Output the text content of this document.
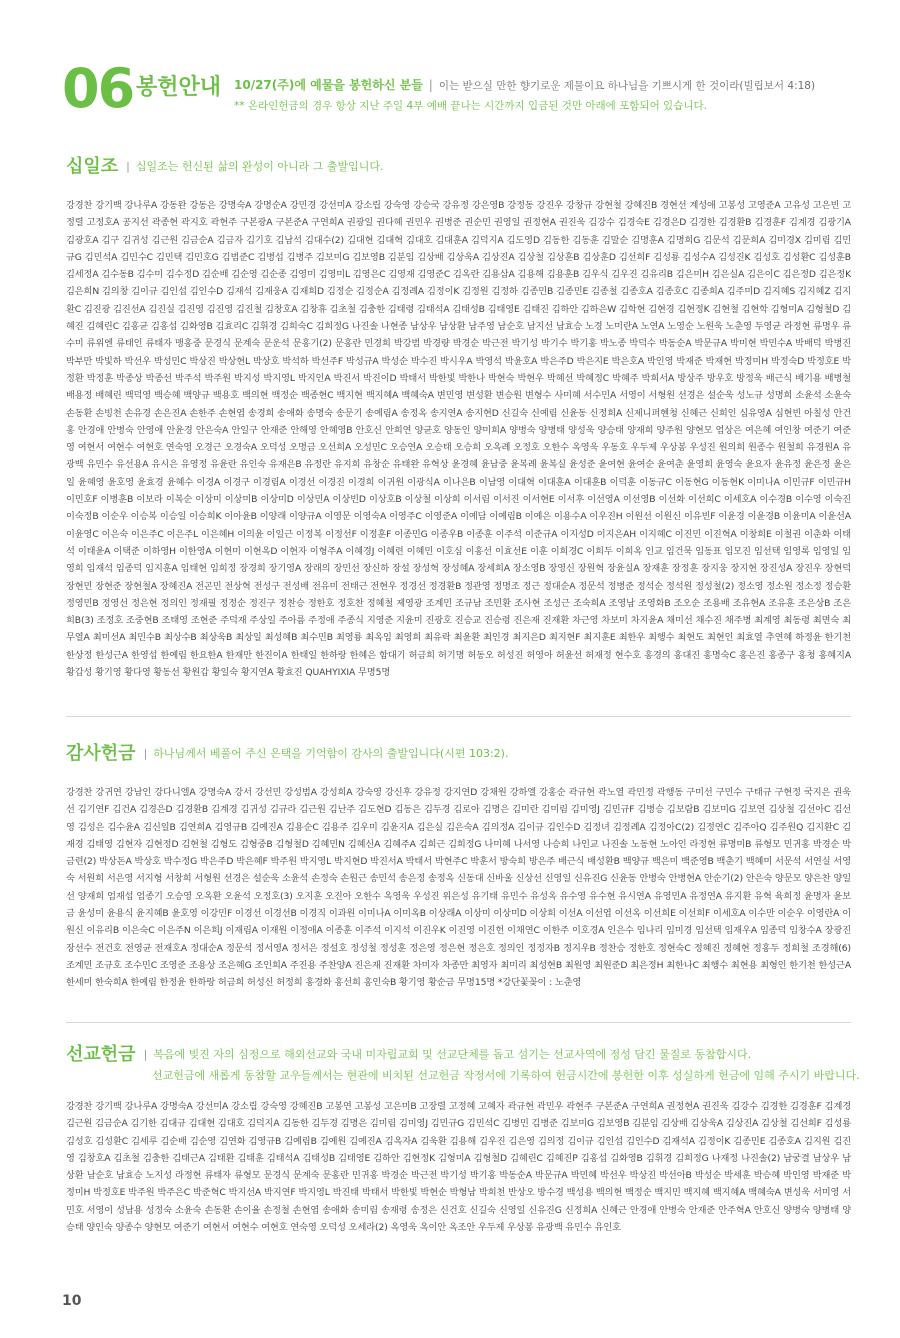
06 봉헌안내 10/27(주)에 예물을 봉헌하신 분들 | 이는 받으실 만한 향기로운 제물이요 하나님을 기쁘시게 한 것이라(빌립보서 4:18)
** 온라인헌금의 경우 항상 지난 주일 4부 예배 끝나는 시간까지 입금된 것만 아래에 포함되어 있습니다.
십일조 | 십일조는 헌신된 삶의 완성이 아니라 그 출발입니다.
강경찬 강기백 강나루A 강동완 강동은 강명숙A 강명순A 강민경 강선미A 강소립 강숙영 강승국 강유정 강은영B 강정동 강진우 강창규 강현철 강혜진B 경현선 계성애 고봉성 고영준A 고유성 고은빈 고정렬 고정호A 공지선 곽종현 곽지호 곽현주 구본광A 구본준A 구연희A 권광일 권다혜 권민우 권병준 권순민 권영일 권정현A 권진욱 김강수 김경숙E 김경은D 김경한 김경환B 김경훈F 김계경 김광기A 김광호A 김구 김귀성 김근원 김금순A 김금자 김기호 김남석 김대수(2) 김대현 김대혁 김대호 김대훈A 김덕지A 김도영D 김동한 김동훈 김말순 김명훈A 김명희G 김문석 김문희A 김미경X 김미림 김민규G 김민석A 김민수C 김민택 김민호G 김범준C 김병섭 김병주 김보미G 김보영B 김분임 김상배 김상욱A 김상진A 김상철 김상훈B 김상훈D 김선희F 김성룡 김성수A 김성진K 김성호 김성환C 김성훈B 김세정A 김수동B 김수미 김수정D 김순배 김순영 김순종 김영미 김영미L 김영은C 김영재 김영준C 김옥란 김용삼A 김용해 김용훈B 김우식 김우진 김유리B 김은미H 김은실A 김은이C 김은정D 김은정K 김은희N 김의창 김이규 김인섭 김인수D 김재석 김재웅A 김재희D 김정순 김정순A 김정례A 김정이K 김정원 김정하 김종민B 김종민E 김종철 김종호A 김종호C 김종희A 김주미D 김지혜S 김지혜Z 김지환C 김진광 김진선A 김진실 김진영 김진영 김진철 김창호A 김창휴 김초철 김충한 김태령 김태석A 김태성B 김태영E 김태진 김하안 김하은W 김학현 김현경 김현정K 김현철 김현학 김형미A 김형철D 김혜진 김혜린C 김홍균 김홍섭 김화영B 김효리C 김휘경 김희숙C 김희정G 나진솔 나현종 남상우 남상환 남주영 남순호 남지선 남효승 노경 노미란A 노연A 노영순 노원욱 노춘영 두영균 라정현 류명우 류수미 류위엔 류태인 류태자 맹홍중 문경식 문계숙 문운석 문홍기(2) 문홍란 민경희 박강범 박경량 박경순 박근전 박기성 박기수 박기홍 박노종 박덕수 박동순A 박문규A 박미현 박민수A 박배덕 박병진 박부만 박빛하 박선우 박성민C 박상진 박상현L 박상호 박석하 박선주F 박성규A 박성순 박수진 박시우A 박영석 박윤호A 박은주D 박은지E 박은호A 박인영 박재준 박재현 박정미H 박정숙D 박정호E 박정환 박정훈 박종상 박종선 박주석 박주원 박지성 박지영L 박지인A 박진서 박진이D 박태서 박한빛 박한나 박현숙 박현우 박혜선 박혜정C 박혜주 박희서A 방상주 방우호 방정욱 배근식 배기용 배병철 배용정 배혜린 백덕영 백승혜 백양규 백용호 백의현 백정순 백종현C 백지현 백지혜A 백혜숙A 변민영 변성환 변승원 변형수 사미혜 서수민A 서영이 서형원 선경은 설순욱 성노규 성명희 소윤석 소윤숙 손동환 손빙천 손유경 손은진A 손한주 손현엽 송경희 송애화 송명숙 송문기 송예림A 송정옥 송지연A 송지현D 신길숙 신예림 신윤동 신정희A 신제니퍼헨청 신혜근 신희인 심유영A 심현빈 아칠성 안건홍 안경애 안병숙 안영애 안윤경 안은숙A 안일구 안재준 안해영 안혜영B 안호신 안희연 양균호 양동인 양미희A 양병숙 양병태 양성욱 양승태 양재희 양주원 양현모 엄상은 여은혜 여인창 여준기 여준영 여현서 여현수 여현호 연숙영 오경근 오경숙A 오덕성 오명금 오선희A 오성민C 오승연A 오승태 오승희 오옥례 오정호 오한수 옥영욱 우동호 우두제 우상봉 우성진 원의희 원종수 원철희 유경원A 유광백 유민수 유선용A 유시은 유영정 유윤란 유인숙 유재은B 유정란 유지희 유창순 유태완 유혁상 윤경혜 윤남중 윤복례 윤복실 윤성준 윤여현 윤여순 윤여춘 윤영희 윤영숙 윤요자 윤유정 윤은정 윤은일 윤혜영 윤호영 윤효경 윤혜수 이경A 이경구 이경림A 이경선 이경진 이경희 이귀원 이광식A 이나은B 이남영 이대혁 이대훈A 이대훈B 이덕훈 이동규C 이동현G 이동현K 이미나A 이민규F 이민규H 이민호F 이병훈B 이보라 이복순 이상미 이상미B 이상미D 이상민A 이상빈D 이상호B 이상철 이상희 이서림 이서진 이서현E 이서후 이선영A 이선영B 이선화 이선희C 이세호A 이수경B 이수영 이숙진 이숙정B 이순우 이승복 이승일 이승희K 이아윤B 이양래 이양규A 이영문 이영숙A 이영주C 이영준A 이예담 이예림B 이예은 이용수A 이우진H 이원선 이원신 이유빈F 이윤경 이윤경B 이윤미A 이윤선A 이윤영C 이은숙 이은주C 이은주L 이은혜H 이의윤 이일근 이정복 이정선F 이정훈F 이종민G 이종우B 이종훈 이주석 이준규A 이지성D 이지은AH 이지혜C 이진민 이진혁A 이창희E 이철권 이춘화 이태석 이태윤A 이택준 이하영H 이한영A 이현미 이현옥D 이현자 이형주A 이혜경J 이혜련 이혜민 이호심 이홍선 이효선E 이훈 이희경C 이희두 이희옥 인교 임건묵 임동표 임모진 임선택 임영록 임영일 임영희 임재석 임종덕 임지훈A 임태현 임희정 장경희 장기영A 장래의 장민선 장신하 장설 장성혁 장성혜A 장세희A 장소영B 장영신 장원혁 장윤실A 장재훈 장정훈 장지웅 장지현 장진성A 장진우 장현덕 장현민 장현준 장현철A 장혜진A 전곤민 전상혁 전성구 전성배 전유미 전태근 전현우 정경선 정경환B 정관영 정명조 정근 정대순A 정문석 정병준 정석순 정석원 정성철(2) 정소영 정소원 정소정 정승환 정영민B 정영선 정은현 정의인 정재필 정정순 정진구 정찬승 정한호 정호찬 정혜철 제영광 조계민 조규남 조민환 조사현 조성근 조숙희A 조영남 조영화B 조오순 조용배 조유현A 조유훈 조은상B 조은희B(3) 조정호 조중현B 조태영 조현준 주덕재 주상일 주아름 주정애 주종식 지영준 지윤미 진광호 진승교 진승령 진은재 진재환 차근영 차보미 차지윤A 채미선 채수진 채주병 최계영 최동령 최면숙 최무열A 최미선A 최민수B 최상수B 최상욱B 최상일 최성혜B 최수민B 최영룡 최옥임 최영희 최유락 최윤환 최인경 최지은D 최지현F 최지훈E 최한우 최행수 최현도 최현인 최효열 추연혜 하정윤 한기천 한상정 한성근A 한영섭 한예림 한요한A 한재만 한진이A 한태일 한하랑 한혜은 함대기 허금희 허기명 허동오 허성진 허영아 허윤선 허재정 현수호 홍경의 홍대진 홍명숙C 홍은진 홍종구 홍청 홍혜지A 황갑성 황기영 황다영 황동선 황원갑 황일숙 황지연A 황효진 QUAHYIXIA 무명5명
감사헌금 | 하나님께서 베풀어 주신 은택을 기억함이 감사의 출발입니다(시편 103:2).
강경찬 강귀연 강남인 강다니엘A 강명숙A 강서 강선민 강성범A 강성희A 강숙영 강신후 강유정 강지연D 강채원 강하엘 강홍순 곽규현 곽노열 곽민정 곽행동 구미선 구민수 구태규 구현정 국지은 권욱선 김기연F 김건A 김경은D 김경환B 김계경 김귀성 김규라 김근원 김난주 김도현D 김동은 김두경 김로아 김명은 김미란 김미림 김미영J 김민규F 김병승 김보람B 김보미G 김보연 김상철 김선아C 김선영 김성은 김수윤A 김신일B 김연희A 김영규B 김예진A 김용순C 김용주 김우미 김윤지A 김은실 김은숙A 김의정A 김이규 김인수D 김정녀 김정례A 김정아C(2) 김정연C 김주아Q 김주원Q 김지환C 김재경 김태영 김현자 김현정D 김현철 김형도 김형중B 김형철D 김혜민N 김혜신A 김혜주A 김희근 김희정G 나미혜 나서영 나승희 나인교 나진솔 노동현 노아인 라정현 류명미B 류형모 민귀홍 박경순 박금련(2) 박상돈A 박상호 박수정G 박은주D 박은혜F 박주원 박지영L 박지현D 박진서A 박태서 박현주C 박훈서 방숙희 방은주 배근식 배성환B 백양규 백은미 백준영B 백춘기 백혜미 서문석 서연실 서영숙 서원희 서은영 서지형 서창희 서형원 선경은 설순욱 소윤석 손정숙 손원근 송민석 송은정 송정옥 신동대 신바울 신상선 신영일 신유진G 신윤동 안병숙 안병현A 안순기(2) 안은숙 양문모 양은찬 양일선 양재희 엄재섭 엄종기 오승영 오옥환 오윤석 오정호(3) 오지훈 오진아 오한수 옥영욱 우성진 위은성 유기태 유민수 유성옥 유수영 유수현 유시연A 유영민A 유정연A 유지환 유혁 육희정 윤명자 윤보금 윤성미 윤용식 윤지혜B 윤호영 이강민F 이경선 이경선B 이경직 이과원 이미나A 이미옥B 이상래A 이상미 이상미D 이상희 이선A 이선엽 이선옥 이선희E 이선희F 이세호A 이수만 이순우 이영란A 이원신 이유리B 이은숙C 이은주N 이은희J 이재림A 이재원 이정애A 이종훈 이주석 이지석 이진우K 이진영 이진헌 이채연C 이한주 이호경A 인은수 임나리 임미경 임선택 임재우A 임종덕 임창수A 장광진 장선수 전건호 전영균 전재호A 정대순A 정문석 정서영A 정서은 정설호 정성철 정성훈 정은영 정은현 정은호 정의인 정정자B 정지우B 정찬승 정한호 정현숙C 정혜진 정혜현 정홍두 정희철 조경해(6) 조계민 조규호 조수민C 조영준 조용상 조은혜G 조인희A 주진용 주찬양A 진은재 진재환 차미자 차종만 최영자 최미리 최성현B 최원영 최원준D 최은정H 최한나C 최행수 최현용 최형인 한기천 한성근A 한세미 한숙희A 한예림 한정윤 한하랑 허금희 허성신 허정희 홍경화 홍선희 홍인숙B 황기영 황순금 무명15명 *강단꽃꽂이 : 노춘영
선교헌금 | 복음에 빚진 자의 심정으로 해외선교와 국내 미자립교회 및 선교단체를 돕고 섬기는 선교사역에 정성 담긴 물질로 동참합시다.
선교헌금에 새롭게 동참할 교우들께서는 현관에 비치된 선교헌금 작정서에 기록하여 헌금시간에 봉헌한 이후 성실하게 헌금에 임해 주시기 바랍니다.
강경찬 강기백 강나루A 강명숙A 강선미A 강소립 강숙영 강혜진B 고봉연 고봉성 고은미B 고장렬 고정혜 고혜자 곽규현 곽민우 곽현주 구본준A 구연희A 권정현A 권진욱 김강수 김경한 김경훈F 김계경 김근원 김금순A 김기한 김대규 김대현 김대호 김덕지A 김동한 김두경 김명은 김미림 김미영J 김민규G 김민석C 김병민 김병준 김보미G 김보영B 김분임 김상배 김상욱A 김상진A 김상철 김선희F 김성룡 김성호 김성환C 김세루 김순배 김순영 김연화 김영규B 김예림B 김예원 김예진A 김옥자A 김욱환 김용해 김우진 김은영 김의정 김이규 김인섭 김인수D 김재석A 김정이K 김종민E 김종호A 김지원 김진영 김창호A 김초철 김충한 김태근A 김태환 김태훈 김태석A 김태성B 김태영E 김하안 김현정K 김형미A 김형철D 김혜린C 김혜진P 김홍섭 김화영B 김휘경 김희정G 나재정 나진솔(2) 남궁결 남상우 남상환 남순호 남효승 노지성 라정현 류태자 류형모 문경식 문계숙 문홍란 민귀홍 박경순 박근전 박기성 박기홍 박동순A 박문규A 박민혜 박선우 박상진 박선아B 박성순 박세훈 박승혜 박인영 박재준 박정미H 박정호E 박주원 박주은C 박준혁C 박지선A 박지연F 박지영L 박진태 박태서 박한빛 박현순 박형남 박희천 반상오 방수경 백성용 백의현 백정순 백지민 백지혜 백지혜A 백혜숙A 변성욱 서미영 서민호 서영이 성남용 성정숙 소윤숙 손동환 손이율 손정철 손현엽 송애화 송미림 송재령 송정은 신건호 신길숙 신영일 신유진G 신정희A 신혜근 안경애 안병숙 안재준 안주혁A 안호신 양병숙 양병태 양승태 양인숙 양종수 양현모 여준기 여현서 여현수 여현호 연숙영 오덕성 오세라(2) 옥영욱 옥이안 옥조안 우두제 우상봉 유광백 유민수 유인호
10
